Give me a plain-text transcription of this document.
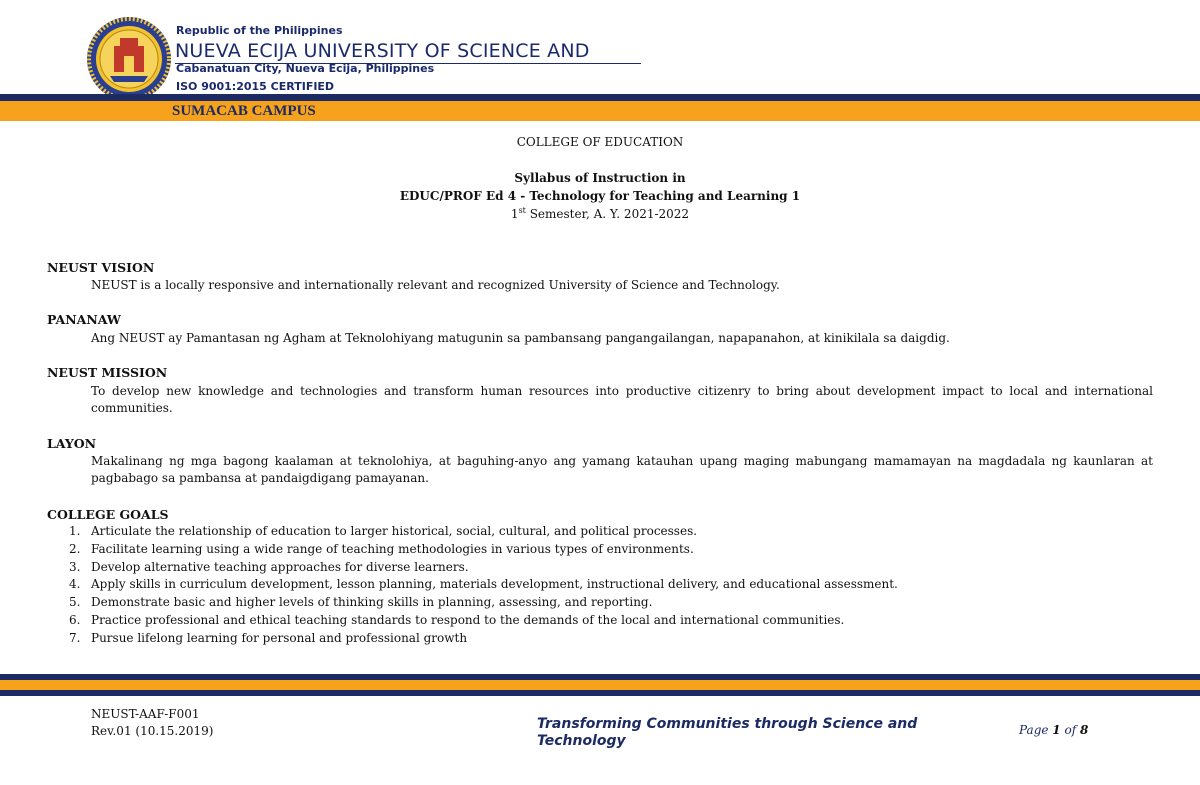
Republic of the Philippines
NUEVA ECIJA UNIVERSITY OF SCIENCE AND
Cabanatuan City, Nueva Ecija, Philippines
ISO 9001:2015 CERTIFIED
SUMACAB CAMPUS
COLLEGE OF EDUCATION
Syllabus of Instruction in
EDUC/PROF Ed 4 - Technology for Teaching and Learning 1
1st Semester, A. Y. 2021-2022
NEUST VISION
NEUST is a locally responsive and internationally relevant and recognized University of Science and Technology.
PANANAW
Ang NEUST ay Pamantasan ng Agham at Teknolohiyang matugunin sa pambansang pangangailangan, napapanahon, at kinikilala sa daigdig.
NEUST MISSION
To develop new knowledge and technologies and transform human resources into productive citizenry to bring about development impact to local and international communities.
LAYON
Makalinang ng mga bagong kaalaman at teknolohiya, at baguhing-anyo ang yamang katauhan upang maging mabungang mamamayan na magdadala ng kaunlaran at pagbabago sa pambansa at pandaigdigang pamayanan.
COLLEGE GOALS
1. Articulate the relationship of education to larger historical, social, cultural, and political processes.
2. Facilitate learning using a wide range of teaching methodologies in various types of environments.
3. Develop alternative teaching approaches for diverse learners.
4. Apply skills in curriculum development, lesson planning, materials development, instructional delivery, and educational assessment.
5. Demonstrate basic and higher levels of thinking skills in planning, assessing, and reporting.
6. Practice professional and ethical teaching standards to respond to the demands of the local and international communities.
7. Pursue lifelong learning for personal and professional growth
NEUST-AAF-F001
Rev.01 (10.15.2019)	Transforming Communities through Science and Technology
Page 1 of 8
